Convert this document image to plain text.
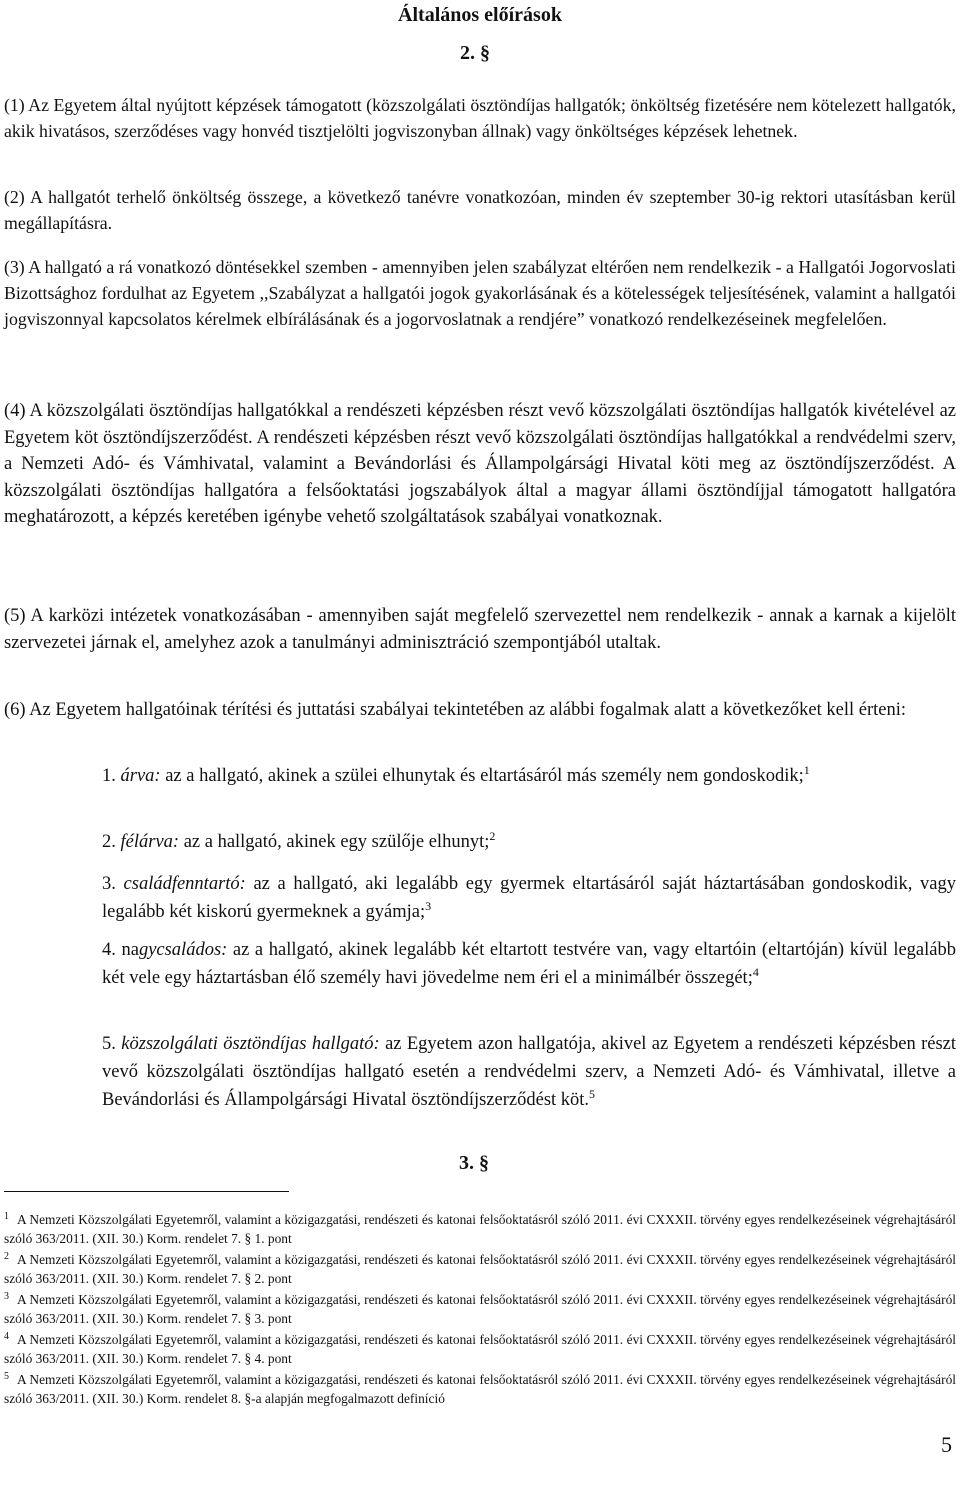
Általános előírások
2. §

(1) Az Egyetem által nyújtott képzések támogatott (közszolgálati ösztöndíjas hallgatók; önköltség fizetésére nem kötelezett hallgatók, akik hivatásos, szerződéses vagy honvéd tisztjelölti jogviszonyban állnak) vagy önköltséges képzések lehetnek.

(2) A hallgatót terhelő önköltség összege, a következő tanévre vonatkozóan, minden év szeptember 30-ig rektori utasításban kerül megállapításra.

(3) A hallgató a rá vonatkozó döntésekkel szemben - amennyiben jelen szabályzat eltérően nem rendelkezik - a Hallgatói Jogorvoslati Bizottsághoz fordulhat az Egyetem ,,Szabályzat a hallgatói jogok gyakorlásának és a kötelességek teljesítésének, valamint a hallgatói jogviszonnyal kapcsolatos kérelmek elbírálásának és a jogorvoslatnak a rendjére” vonatkozó rendelkezéseinek megfelelően.

(4) A közszolgálati ösztöndíjas hallgatókkal a rendészeti képzésben részt vevő közszolgálati ösztöndíjas hallgatók kivételével az Egyetem köt ösztöndíjszerződést. A rendészeti képzésben részt vevő közszolgálati ösztöndíjas hallgatókkal a rendvédelmi szerv, a Nemzeti Adó- és Vámhivatal, valamint a Bevándorlási és Állampolgársági Hivatal köti meg az ösztöndíjszerződést. A közszolgálati ösztöndíjas hallgatóra a felsőoktatási jogszabályok által a magyar állami ösztöndíjjal támogatott hallgatóra meghatározott, a képzés keretében igénybe vehető szolgáltatások szabályai vonatkoznak.

(5) A karközi intézetek vonatkozásában - amennyiben saját megfelelő szervezettel nem rendelkezik - annak a karnak a kijelölt szervezetei járnak el, amelyhez azok a tanulmányi adminisztráció szempontjából utaltak.

(6) Az Egyetem hallgatóinak térítési és juttatási szabályai tekintetében az alábbi fogalmak alatt a következőket kell érteni:

1. árva: az a hallgató, akinek a szülei elhunytak és eltartásáról más személy nem gondoskodik;$^1$

2. félárva: az a hallgató, akinek egy szülője elhunyt;$^2$

3. családfenntartó: az a hallgató, aki legalább egy gyermek eltartásáról saját háztartásában gondoskodik, vagy legalább két kiskorú gyermeknek a gyámja;$^3$

4. nagycsaládos: az a hallgató, akinek legalább két eltartott testvére van, vagy eltartóin (eltartóján) kívül legalább két vele egy háztartásban élő személy havi jövedelme nem éri el a minimálbér összegét;$^4$

5. közszolgálati ösztöndíjas hallgató: az Egyetem azon hallgatója, akivel az Egyetem a rendészeti képzésben részt vevő közszolgálati ösztöndíjas hallgató esetén a rendvédelmi szerv, a Nemzeti Adó- és Vámhivatal, illetve a Bevándorlási és Állampolgársági Hivatal ösztöndíjszerződést köt.$^5$

3. §

$^1$ A Nemzeti Közszolgálati Egyetemről, valamint a közigazgatási, rendészeti és katonai felsőoktatásról szóló 2011. évi CXXXII. törvény egyes rendelkezéseinek végrehajtásáról szóló 363/2011. (XII. 30.) Korm. rendelet 7. § 1. pont

$^2$ A Nemzeti Közszolgálati Egyetemről, valamint a közigazgatási, rendészeti és katonai felsőoktatásról szóló 2011. évi CXXXII. törvény egyes rendelkezéseinek végrehajtásáról szóló 363/2011. (XII. 30.) Korm. rendelet 7. § 2. pont

$^3$ A Nemzeti Közszolgálati Egyetemről, valamint a közigazgatási, rendészeti és katonai felsőoktatásról szóló 2011. évi CXXXII. törvény egyes rendelkezéseinek végrehajtásáról szóló 363/2011. (XII. 30.) Korm. rendelet 7. § 3. pont

$^4$ A Nemzeti Közszolgálati Egyetemről, valamint a közigazgatási, rendészeti és katonai felsőoktatásról szóló 2011. évi CXXXII. törvény egyes rendelkezéseinek végrehajtásáról szóló 363/2011. (XII. 30.) Korm. rendelet 7. § 4. pont

$^5$ A Nemzeti Közszolgálati Egyetemről, valamint a közigazgatási, rendészeti és katonai felsőoktatásról szóló 2011. évi CXXXII. törvény egyes rendelkezéseinek végrehajtásáról szóló 363/2011. (XII. 30.) Korm. rendelet 8. §-a alapján megfogalmazott definíció

5
